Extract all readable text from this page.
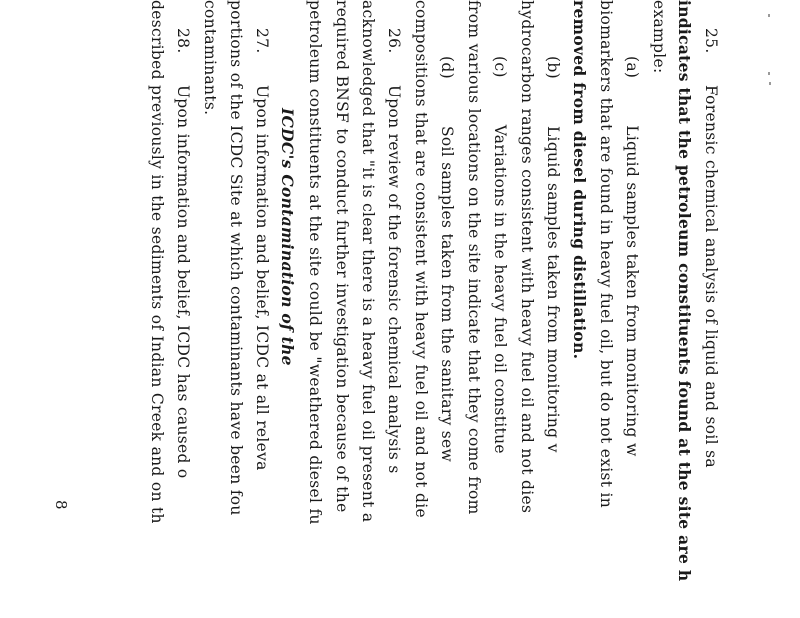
25.      Forensic chemical analysis of liquid and soil sa
indicates that the petroleum constituents found at the site are h
example:
(a)         Liquid samples taken from monitoring w
biomarkers that are found in heavy fuel oil, but do not exist in
removed from diesel during distillation.
(b)         Liquid samples taken from monitoring v
hydrocarbon ranges consistent with heavy fuel oil and not dies
(c)         Variations in the heavy fuel oil constitue
from various locations on the site indicate that they come from
(d)         Soil samples taken from the sanitary sew
compositions that are consistent with heavy fuel oil and not die
26.      Upon review of the forensic chemical analysis s
acknowledged that "it is clear there is a heavy fuel oil present a
required BNSF to conduct further investigation because of the
petroleum constituents at the site could be "weathered diesel fu
ICDC's Contamination of the
27.      Upon information and belief, ICDC at all releva
portions of the ICDC Site at which contaminants have been fou
contaminants.
28.      Upon information and belief, ICDC has caused o
described previously in the sediments of Indian Creek and on th
8
